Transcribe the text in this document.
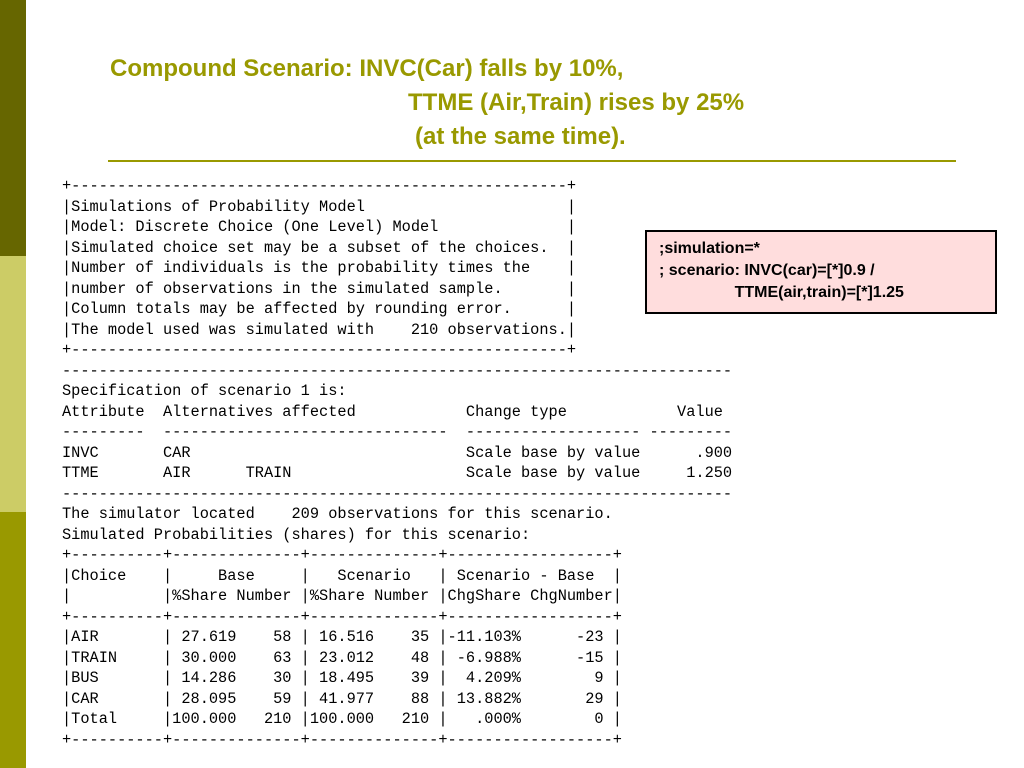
Compound Scenario: INVC(Car) falls by 10%,
TTME (Air,Train) rises by 25%
(at the same time).
+------------------------------------------------------+
|Simulations of Probability Model                      |
|Model: Discrete Choice (One Level) Model              |
|Simulated choice set may be a subset of the choices.  |
|Number of individuals is the probability times the    |
|number of observations in the simulated sample.       |
|Column totals may be affected by rounding error.      |
|The model used was simulated with    210 observations.|
+------------------------------------------------------+
-------------------------------------------------------------------------
Specification of scenario 1 is:
Attribute  Alternatives affected            Change type            Value
---------  -------------------------------  ------------------- ---------
INVC       CAR                              Scale base by value      .900
TTME       AIR      TRAIN                   Scale base by value     1.250
-------------------------------------------------------------------------
The simulator located    209 observations for this scenario.
Simulated Probabilities (shares) for this scenario:
+----------+--------------+--------------+------------------+
|Choice    |     Base     |   Scenario   | Scenario - Base  |
|          |%Share Number |%Share Number |ChgShare ChgNumber|
+----------+--------------+--------------+------------------+
|AIR       | 27.619    58 | 16.516    35 |-11.103%      -23 |
|TRAIN     | 30.000    63 | 23.012    48 | -6.988%      -15 |
|BUS       | 14.286    30 | 18.495    39 |  4.209%        9 |
|CAR       | 28.095    59 | 41.977    88 | 13.882%       29 |
|Total     |100.000   210 |100.000   210 |   .000%        0 |
+----------+--------------+--------------+------------------+
;simulation=*
; scenario: INVC(car)=[*]0.9 /
TTME(air,train)=[*]1.25
